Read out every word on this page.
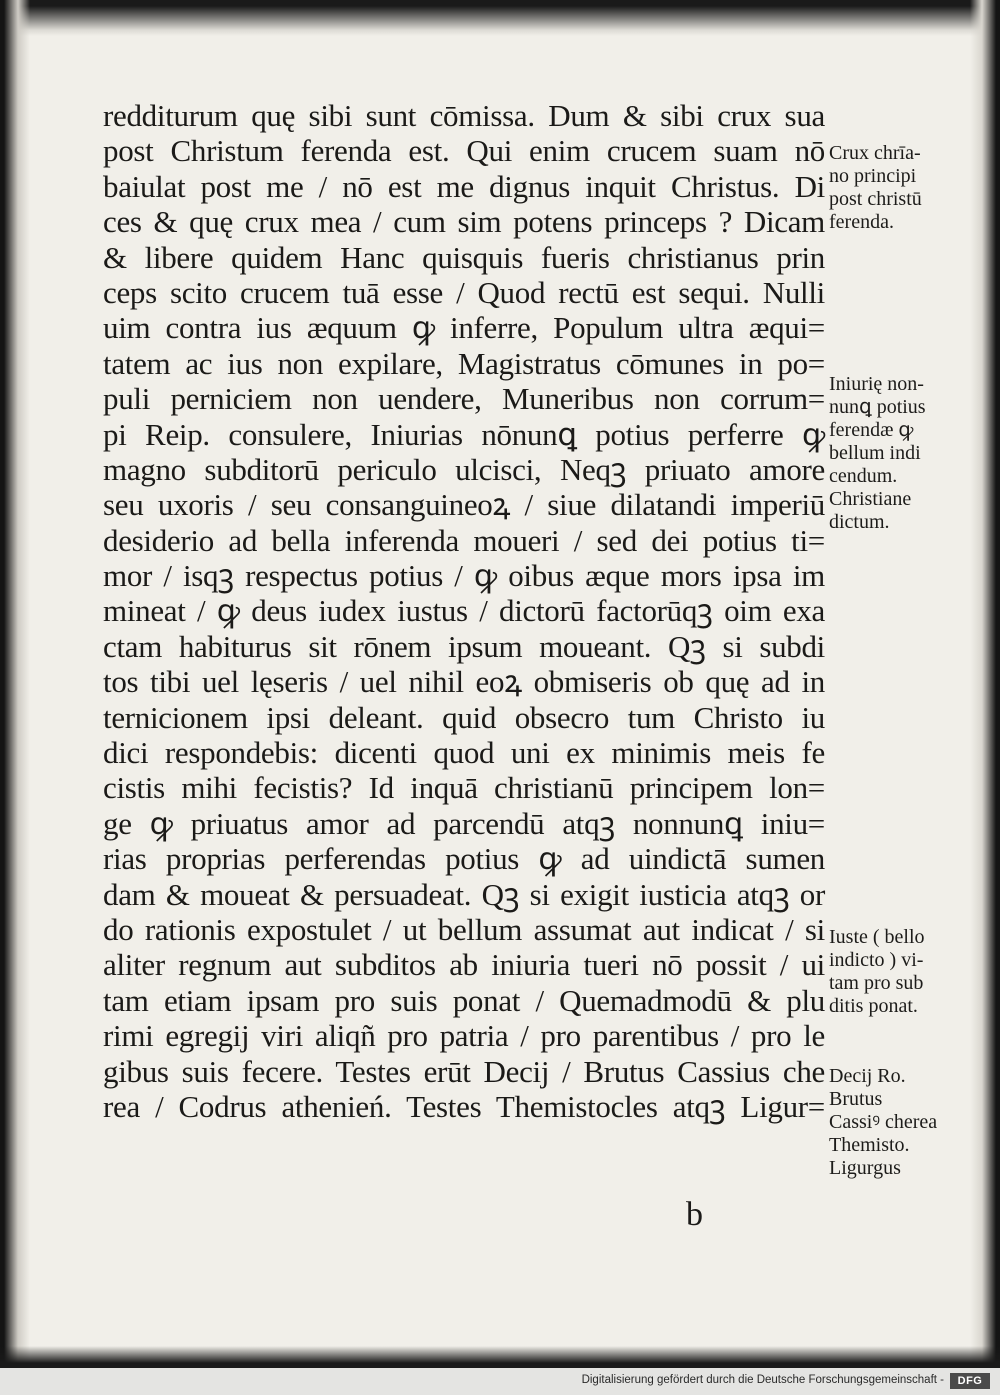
redditurum quę sibi sunt cōmissa. Dum & sibi crux sua
post Christum ferenda est. Qui enim crucem suam nō
baiulat post me / nō est me dignus inquit Christus. Di
ces & quę crux mea / cum sim potens princeps ? Dicam
& libere quidem Hanc quisquis fueris christianus prin
ceps scito crucem tuā esse / Quod rectū est sequi. Nulli
uim contra ius æquum ꝙ inferre, Populum ultra æqui=
tatem ac ius non expilare, Magistratus cōmunes in po=
puli perniciem non uendere, Muneribus non corrum=
pi Reip. consulere, Iniurias nōnunꝗ potius perferre ꝙ
magno subditorū periculo ulcisci, Neqꝫ priuato amore
seu uxoris / seu consanguineoꝝ / siue dilatandi imperiū
desiderio ad bella inferenda moueri / sed dei potius ti=
mor / isqꝫ respectus potius / ꝙ oibus æque mors ipsa im
mineat / ꝙ deus iudex iustus / dictorū factorūqꝫ oim exa
ctam habiturus sit rōnem ipsum moueant. Qꝫ si subdi
tos tibi uel lęseris / uel nihil eoꝝ obmiseris ob quę ad in
ternicionem ipsi deleant. quid obsecro tum Christo iu
dici respondebis: dicenti quod uni ex minimis meis fe
cistis mihi fecistis? Id inquā christianū principem lon=
ge ꝙ priuatus amor ad parcendū atqꝫ nonnunꝗ iniu=
rias proprias perferendas potius ꝙ ad uindictā sumen
dam & moueat & persuadeat. Qꝫ si exigit iusticia atqꝫ or
do rationis expostulet / ut bellum assumat aut indicat / si
aliter regnum aut subditos ab iniuria tueri nō possit / ui
tam etiam ipsam pro suis ponat / Quemadmodū & plu
rimi egregij viri aliqñ pro patria / pro parentibus / pro le
gibus suis fecere. Testes erūt Decij / Brutus Cassius che
rea / Codrus athenień. Testes Themistocles atqꝫ Ligur=
b
Crux chrīa-
no principi
post christū
ferenda.
Iniurię non-
nunꝗ potius
ferendæ ꝙ
bellum indi
cendum.
Christiane
dictum.
Iuste ( bello
indicto ) vi-
tam pro sub
ditis ponat.
Decij Ro.
Brutus
Cassiꝰ cherea
Themisto.
Ligurgus
Digitalisierung gefördert durch die Deutsche Forschungsgemeinschaft -	DFG
